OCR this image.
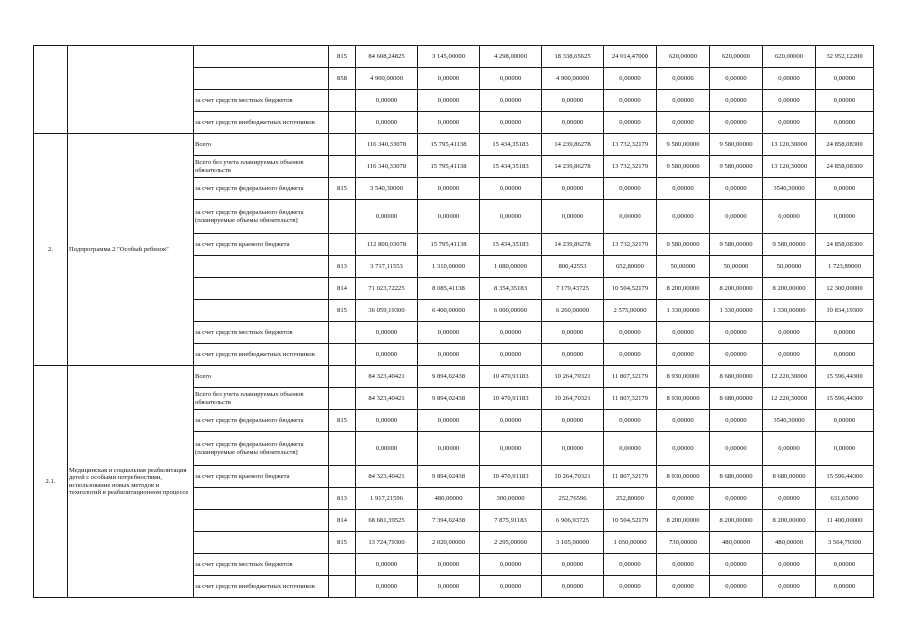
			815	84 608,24825	3 145,00000	4 298,00000	18 338,65625	24 014,47000	620,00000	620,00000	620,00000	32 952,12200
			858	4 900,00000	0,00000	0,00000	4 900,00000	0,00000	0,00000	0,00000	0,00000	0,00000
		за счет средств местных бюджетов		0,00000	0,00000	0,00000	0,00000	0,00000	0,00000	0,00000	0,00000	0,00000
		за счет средств внебюджетных источников		0,00000	0,00000	0,00000	0,00000	0,00000	0,00000	0,00000	0,00000	0,00000
2.	Подпрограмма 2 "Особый ребенок"	Всего		116 340,33078	15 795,41138	15 434,35183	14 239,86278	13 732,32179	9 580,00000	9 580,00000	13 120,30000	24 858,08300
		Всего без учета планируемых объемов обязательств		116 340,33078	15 795,41138	15 434,35183	14 239,86278	13 732,32179	9 580,00000	9 580,00000	13 120,30000	24 858,08300
		за счет средств федерального бюджета	815	3 540,30000	0,00000	0,00000	0,00000	0,00000	0,00000	0,00000	3540,30000	0,00000
		за счет средств федерального бюджета (планируемые объемы обязательств)		0,00000	0,00000	0,00000	0,00000	0,00000	0,00000	0,00000	0,00000	0,00000
		за счет средств краевого бюджета		112 800,03078	15 795,41138	15 434,35183	14 239,86278	13 732,32179	9 580,00000	9 580,00000	9 580,00000	24 858,08300
			813	3 717,11553	1 310,00000	1 080,00000	800,42553	652,80000	50,00000	50,00000	50,00000	1 723,89000
			814	71 023,72225	8 085,41138	8 354,35183	7 179,43725	10 504,52179	8 200,00000	8 200,00000	8 200,00000	12 300,00000
			815	36 059,19300	6 400,00000	6 000,00000	6 260,00000	2 575,00000	1 330,00000	1 330,00000	1 330,00000	10 834,19300
		за счет средств местных бюджетов		0,00000	0,00000	0,00000	0,00000	0,00000	0,00000	0,00000	0,00000	0,00000
		за счет средств внебюджетных источников		0,00000	0,00000	0,00000	0,00000	0,00000	0,00000	0,00000	0,00000	0,00000
2.1.	Медицинская и социальная реабилитация детей с особыми потребностями, использование новых методов и технологий в реабилитационном процессе	Всего		84 323,40421	9 894,02438	10 470,91183	10 264,70321	11 807,32179	8 930,00000	8 680,00000	12 220,30000	15 596,44300
		Всего без учета планируемых объемов обязательств		84 323,40421	9 894,02438	10 470,91183	10 264,70321	11 807,32179	8 930,00000	8 680,00000	12 220,30000	15 596,44300
		за счет средств федерального бюджета	815	0,00000	0,00000	0,00000	0,00000	0,00000	0,00000	0,00000	3540,30000	0,00000
		за счет средств федерального бюджета (планируемые объемы обязательств)		0,00000	0,00000	0,00000	0,00000	0,00000	0,00000	0,00000	0,00000	0,00000
		за счет средств краевого бюджета		84 323,40421	9 894,02438	10 470,91183	10 264,70321	11 807,32179	8 930,00000	8 680,00000	8 680,00000	15 596,44300
			813	1 917,21596	480,00000	300,00000	252,76596	252,80000	0,00000	0,00000	0,00000	631,65000
			814	68 681,39525	7 394,02438	7 875,91183	6 906,93725	10 504,52179	8 200,00000	8 200,00000	8 200,00000	11 400,00000
			815	13 724,79300	2 020,00000	2 295,00000	3 105,00000	1 050,00000	730,00000	480,00000	480,00000	3 564,79300
		за счет средств местных бюджетов		0,00000	0,00000	0,00000	0,00000	0,00000	0,00000	0,00000	0,00000	0,00000
		за счет средств внебюджетных источников		0,00000	0,00000	0,00000	0,00000	0,00000	0,00000	0,00000	0,00000	0,00000
